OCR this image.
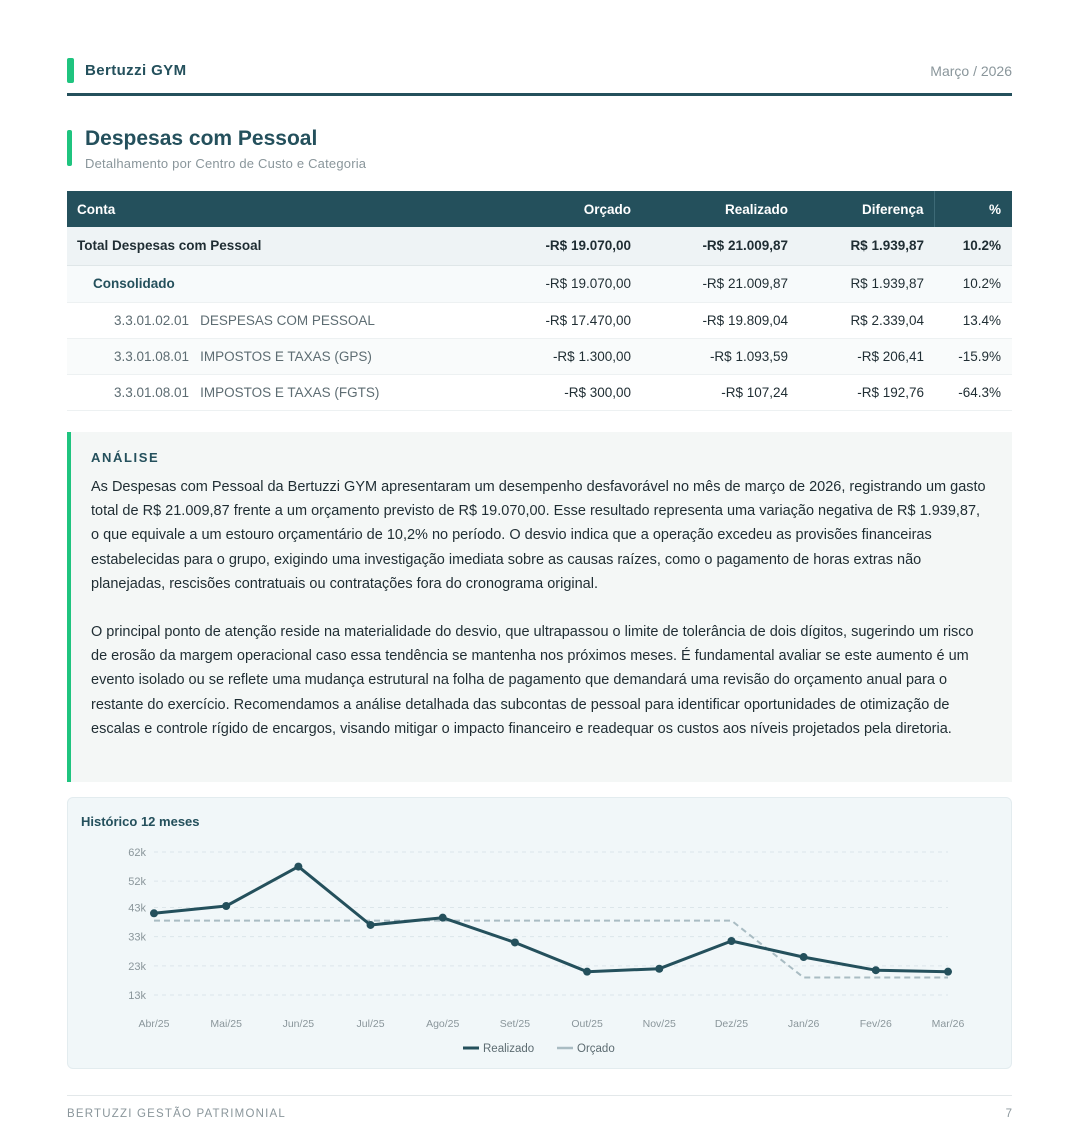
Bertuzzi GYM	Março / 2026
Despesas com Pessoal
Detalhamento por Centro de Custo e Categoria
Conta	Orçado	Realizado	Diferença	%
Total Despesas com Pessoal	-R$ 19.070,00	-R$ 21.009,87	R$ 1.939,87	10.2%
Consolidado	-R$ 19.070,00	-R$ 21.009,87	R$ 1.939,87	10.2%
3.3.01.02.01 DESPESAS COM PESSOAL	-R$ 17.470,00	-R$ 19.809,04	R$ 2.339,04	13.4%
3.3.01.08.01 IMPOSTOS E TAXAS (GPS)	-R$ 1.300,00	-R$ 1.093,59	-R$ 206,41	-15.9%
3.3.01.08.01 IMPOSTOS E TAXAS (FGTS)	-R$ 300,00	-R$ 107,24	-R$ 192,76	-64.3%
ANÁLISE

As Despesas com Pessoal da Bertuzzi GYM apresentaram um desempenho desfavorável no mês de março de 2026, registrando um gasto total de R$ 21.009,87 frente a um orçamento previsto de R$ 19.070,00. Esse resultado representa uma variação negativa de R$ 1.939,87, o que equivale a um estouro orçamentário de 10,2% no período. O desvio indica que a operação excedeu as provisões financeiras estabelecidas para o grupo, exigindo uma investigação imediata sobre as causas raízes, como o pagamento de horas extras não planejadas, rescisões contratuais ou contratações fora do cronograma original.

O principal ponto de atenção reside na materialidade do desvio, que ultrapassou o limite de tolerância de dois dígitos, sugerindo um risco de erosão da margem operacional caso essa tendência se mantenha nos próximos meses. É fundamental avaliar se este aumento é um evento isolado ou se reflete uma mudança estrutural na folha de pagamento que demandará uma revisão do orçamento anual para o restante do exercício. Recomendamos a análise detalhada das subcontas de pessoal para identificar oportunidades de otimização de escalas e controle rígido de encargos, visando mitigar o impacto financeiro e readequar os custos aos níveis projetados pela diretoria.

Histórico 12 meses
62k
52k
43k
33k
23k
13k
Abr/25	Mai/25	Jun/25	Jul/25	Ago/25	Set/25	Out/25	Nov/25	Dez/25	Jan/26	Fev/26	Mar/26
Realizado	Orçado
BERTUZZI GESTÃO PATRIMONIAL	7
